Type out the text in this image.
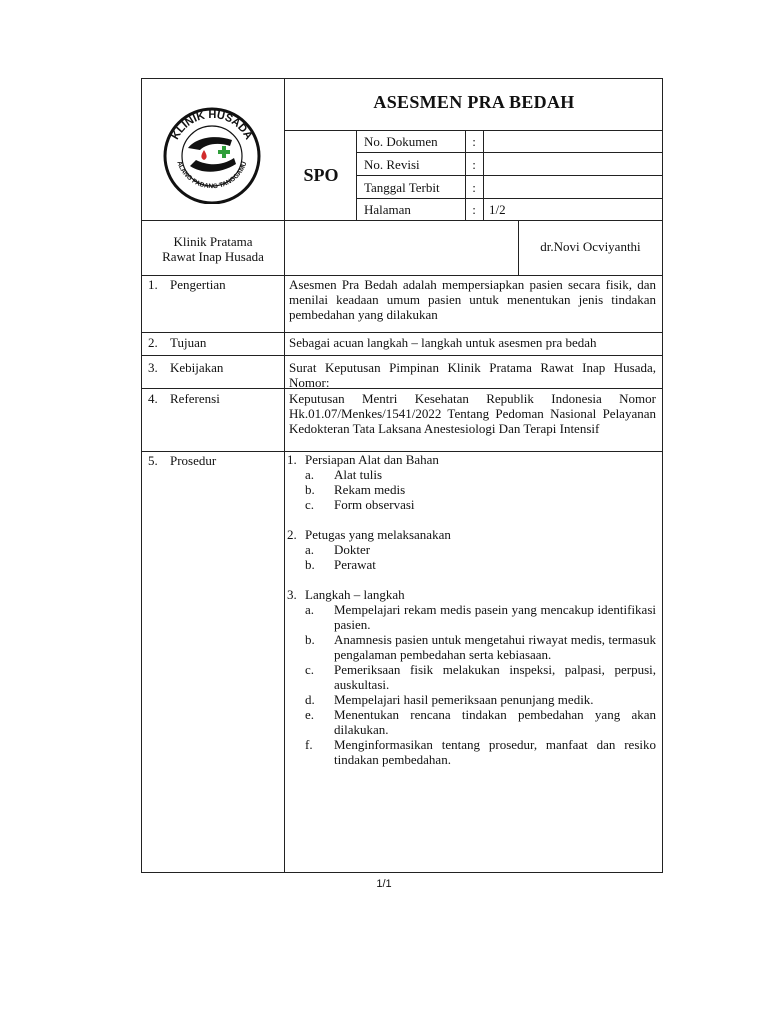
KLINIK HUSADA
ALANG PADANG TANGGAMU
ASESMEN PRA BEDAH
SPO
No. Dokumen	:
No. Revisi	:
Tanggal Terbit	:
Halaman	: 1/2
Klinik Pratama
Rawat Inap Husada
dr.Novi Ocviyanthi
1. Pengertian	Asesmen Pra Bedah adalah mempersiapkan pasien secara fisik, dan menilai keadaan umum pasien untuk menentukan jenis tindakan pembedahan yang dilakukan
2. Tujuan	Sebagai acuan langkah – langkah untuk asesmen pra bedah
3. Kebijakan	Surat Keputusan Pimpinan Klinik Pratama Rawat Inap Husada, Nomor:
4. Referensi	Keputusan Mentri Kesehatan Republik Indonesia Nomor Hk.01.07/Menkes/1541/2022 Tentang Pedoman Nasional Pelayanan Kedokteran Tata Laksana Anestesiologi Dan Terapi Intensif
5. Prosedur	1. Persiapan Alat dan Bahan
a. Alat tulis
b. Rekam medis
c. Form observasi
2. Petugas yang melaksanakan
a. Dokter
b. Perawat
3. Langkah – langkah
a.	Mempelajari rekam medis pasein yang mencakup identifikasi pasien.
b.	Anamnesis pasien untuk mengetahui riwayat medis, termasuk pengalaman pembedahan serta kebiasaan.
c.	Pemeriksaan fisik melakukan inspeksi, palpasi, perpusi, auskultasi.
d.	Mempelajari hasil pemeriksaan penunjang medik.
e.	Menentukan rencana tindakan pembedahan yang akan dilakukan.
f.	Menginformasikan tentang prosedur, manfaat dan resiko tindakan pembedahan.
1/1
